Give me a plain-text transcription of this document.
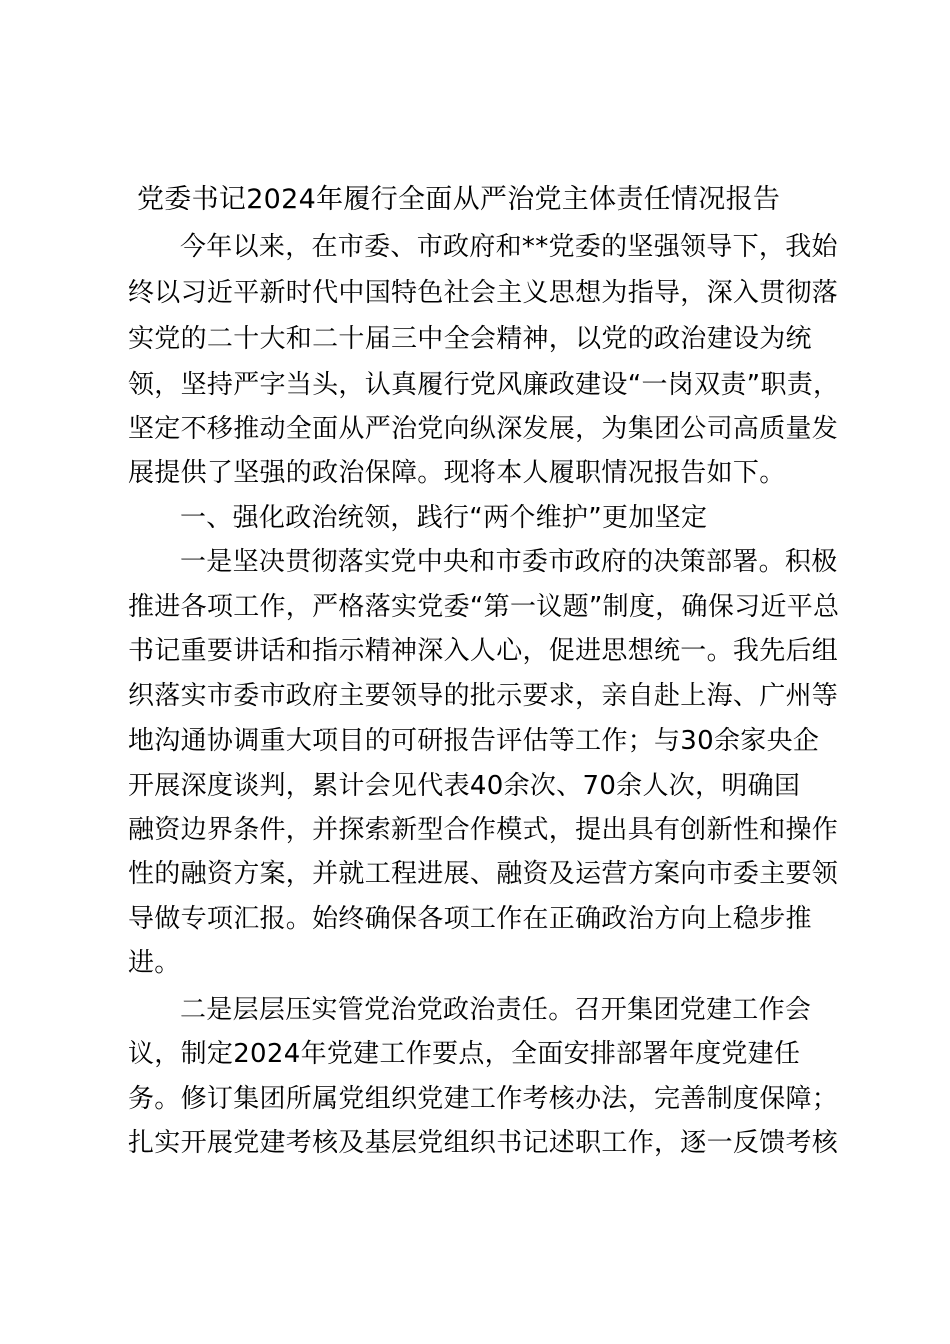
党委书记2024年履行全面从严治党主体责任情况报告

今年以来，在市委、市政府和**党委的坚强领导下，我始

终以习近平新时代中国特色社会主义思想为指导，深入贯彻落

实党的二十大和二十届三中全会精神，以党的政治建设为统

领，坚持严字当头，认真履行党风廉政建设“一岗双责”职责，

坚定不移推动全面从严治党向纵深发展，为集团公司高质量发

展提供了坚强的政治保障。现将本人履职情况报告如下。

一、强化政治统领，践行“两个维护”更加坚定

一是坚决贯彻落实党中央和市委市政府的决策部署。积极

推进各项工作，严格落实党委“第一议题”制度，确保习近平总

书记重要讲话和指示精神深入人心，促进思想统一。我先后组

织落实市委市政府主要领导的批示要求，亲自赴上海、广州等

地沟通协调重大项目的可研报告评估等工作；与30余家央企

开展深度谈判，累计会见代表40余次、70余人次，明确囯

融资边界条件，并探索新型合作模式，提出具有创新性和操作

性的融资方案，并就工程进展、融资及运营方案向市委主要领

导做专项汇报。始终确保各项工作在正确政治方向上稳步推

进。

二是层层压实管党治党政治责任。召开集团党建工作会

议，制定2024年党建工作要点，全面安排部署年度党建任

务。修订集团所属党组织党建工作考核办法，完善制度保障；

扎实开展党建考核及基层党组织书记述职工作，逐一反馈考核
